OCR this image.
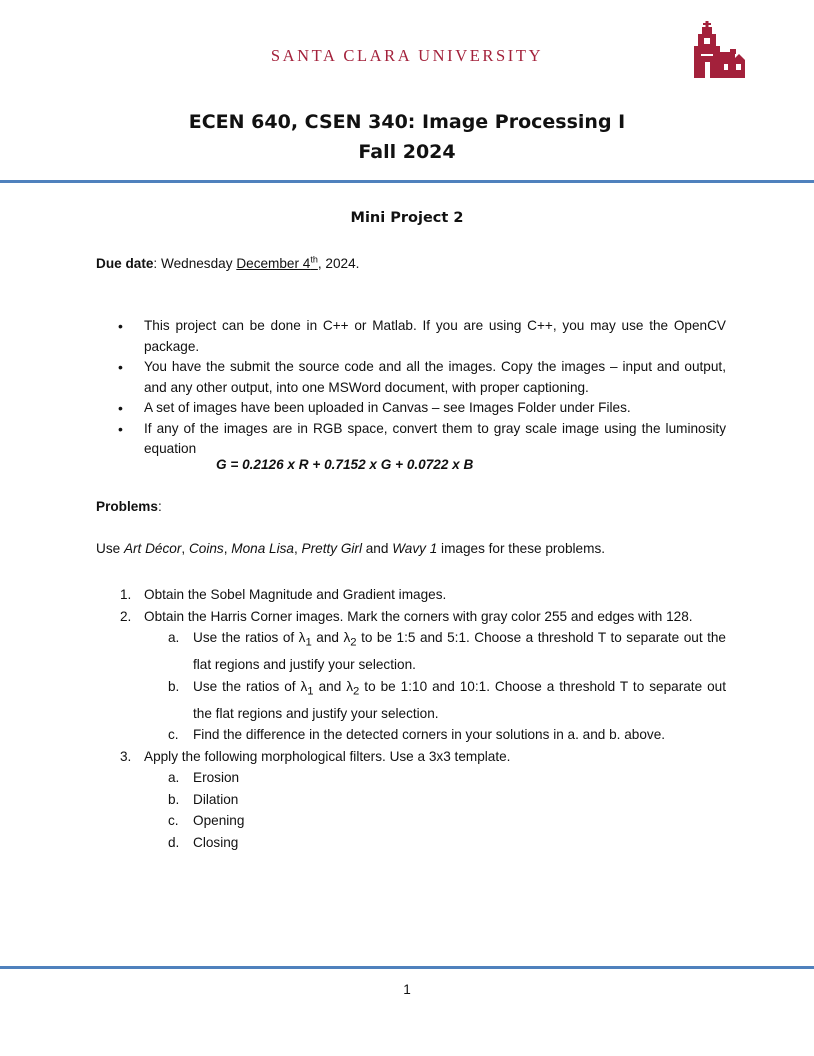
SANTA CLARA UNIVERSITY
ECEN 640, CSEN 340: Image Processing I
Fall 2024
Mini Project 2
Due date: Wednesday December 4th, 2024.
• This project can be done in C++ or Matlab. If you are using C++, you may use the OpenCV package.
• You have the submit the source code and all the images. Copy the images – input and output, and any other output, into one MSWord document, with proper captioning.
• A set of images have been uploaded in Canvas – see Images Folder under Files.
• If any of the images are in RGB space, convert them to gray scale image using the luminosity equation
G = 0.2126 x R + 0.7152 x G + 0.0722 x B
Problems:
Use Art Décor, Coins, Mona Lisa, Pretty Girl and Wavy 1 images for these problems.
1. Obtain the Sobel Magnitude and Gradient images.
2. Obtain the Harris Corner images. Mark the corners with gray color 255 and edges with 128.
a. Use the ratios of $\lambda_1$ and $\lambda_2$ to be 1:5 and 5:1. Choose a threshold T to separate out the flat regions and justify your selection.
b. Use the ratios of $\lambda_1$ and $\lambda_2$ to be 1:10 and 10:1. Choose a threshold T to separate out the flat regions and justify your selection.
c. Find the difference in the detected corners in your solutions in a. and b. above.
3. Apply the following morphological filters. Use a 3x3 template.
a. Erosion
b. Dilation
c. Opening
d. Closing
1
